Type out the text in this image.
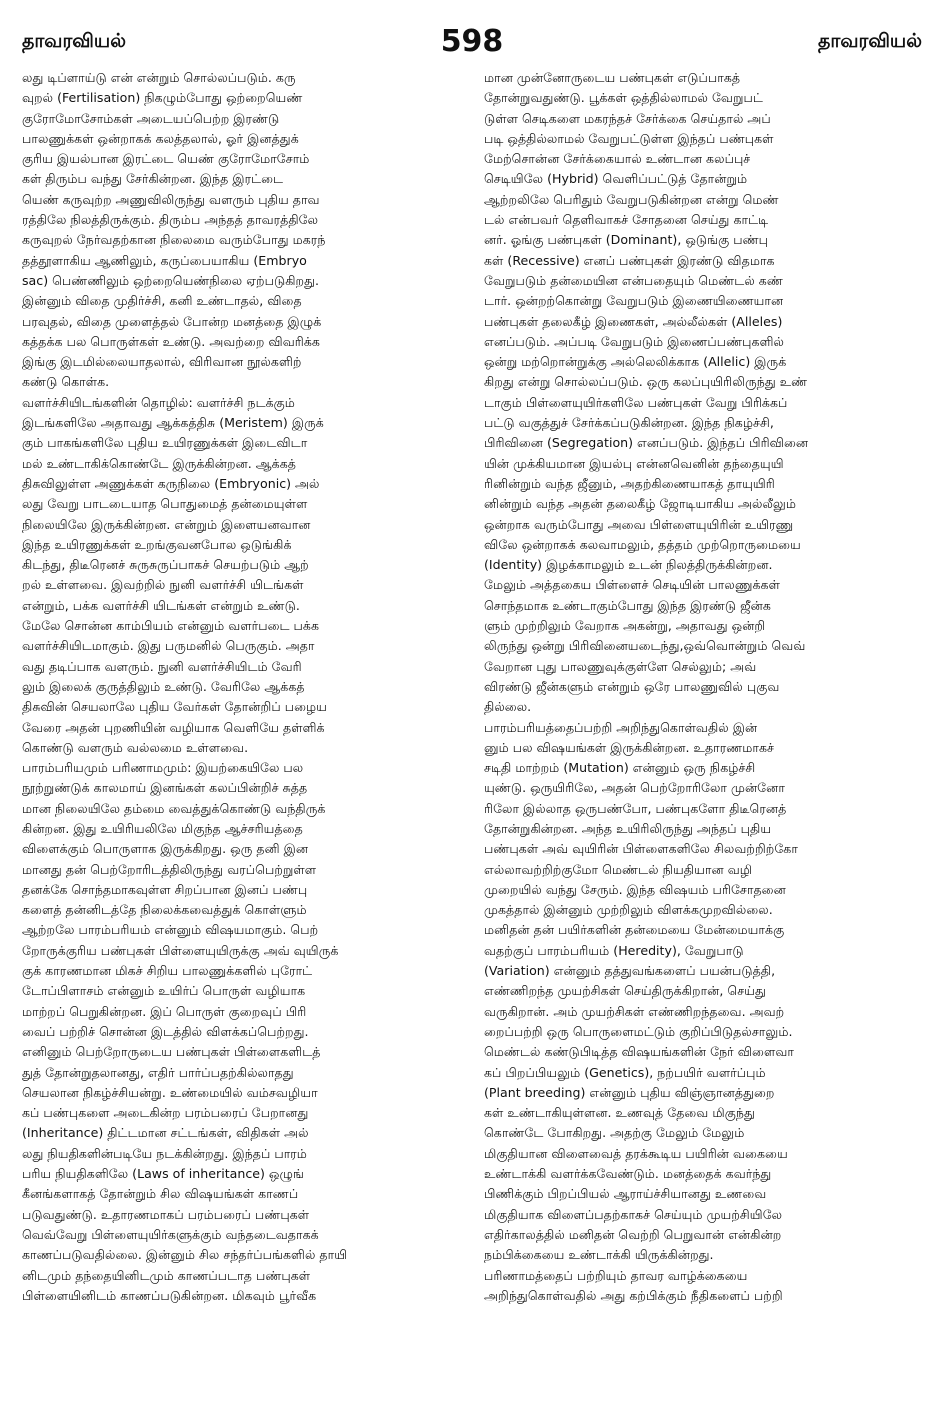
தாவரவியல்	598	தாவரவியல்
லது டிப்ளாய்டு என் என்றும் சொல்லப்படும். கரு
வுறல் (Fertilisation) நிகழும்போது ஒற்றையெண்
குரோமோசோம்கள் அடையப்பெற்ற இரண்டு
பாலணுக்கள் ஒன்றாகக் கலத்தலால், ஓர் இனத்துக்
குரிய இயல்பான இரட்டை யெண் குரோமோசோம்
கள் திரும்ப வந்து சேர்கின்றன. இந்த இரட்டை
யெண் கருவுற்ற அணுவிலிருந்து வளரும் புதிய தாவ
ரத்திலே நிலத்திருக்கும். திரும்ப அந்தத் தாவரத்திலே
கருவுறல் நேர்வதற்கான நிலைமை வரும்போது மகரந்
தத்தூளாகிய ஆணிலும், கருப்பையாகிய (Embryo
sac) பெண்ணிலும் ஒற்றையெண்நிலை ஏற்படுகிறது.
இன்னும் விதை முதிர்ச்சி, கனி உண்டாதல், விதை
பரவுதல், விதை முளைத்தல் போன்ற மனத்தை இழுக்
கத்தக்க பல பொருள்கள் உண்டு. அவற்றை விவரிக்க
இங்கு இடமில்லையாதலால், விரிவான நூல்களிற்
கண்டு கொள்க.
வளர்ச்சியிடங்களின் தொழில்: வளர்ச்சி நடக்கும்
இடங்களிலே அதாவது ஆக்கத்திசு (Meristem) இருக்
கும் பாகங்களிலே புதிய உயிரணுக்கள் இடைவிடா
மல் உண்டாகிக்கொண்டே இருக்கின்றன. ஆக்கத்
திசுவிலுள்ள அணுக்கள் கருநிலை (Embryonic) அல்
லது வேறு பாடடையாத பொதுமைத் தன்மையுள்ள
நிலையிலே இருக்கின்றன. என்றும் இளையனவான
இந்த உயிரணுக்கள் உறங்குவனபோல ஒடுங்கிக்
கிடந்து, திடீரெனச் சுருசுருப்பாகச் செயற்படும் ஆற்
றல் உள்ளவை. இவற்றில் நுனி வளர்ச்சி யிடங்கள்
என்றும், பக்க வளர்ச்சி யிடங்கள் என்றும் உண்டு.
மேலே சொன்ன காம்பியம் என்னும் வளர்படை பக்க
வளர்ச்சியிடமாகும். இது பருமனில் பெருகும். அதா
வது தடிப்பாக வளரும். நுனி வளர்ச்சியிடம் வேரி
லும் இலைக் குருத்திலும் உண்டு. வேரிலே ஆக்கத்
திசுவின் செயலாலே புதிய வேர்கள் தோன்றிப் பழைய
வேரை அதன் புறணியின் வழியாக வெளியே தள்ளிக்
கொண்டு வளரும் வல்லமை உள்ளவை.
பாரம்பரியமும் பரிணாமமும்: இயற்கையிலே பல
நூற்றுண்டுக் காலமாய் இனங்கள் கலப்பின்றிச் சுத்த
மான நிலையிலே தம்மை வைத்துக்கொண்டு வந்திருக்
கின்றன. இது உயிரியலிலே மிகுந்த ஆச்சரியத்தை
விளைக்கும் பொருளாக இருக்கிறது. ஒரு தனி இன
மானது தன் பெற்றோரிடத்திலிருந்து வரப்பெற்றுள்ள
தனக்கே சொந்தமாகவுள்ள சிறப்பான இனப் பண்பு
களைத் தன்னிடத்தே நிலைக்கவைத்துக் கொள்ளும்
ஆற்றலே பாரம்பரியம் என்னும் விஷயமாகும். பெற்
றோருக்குரிய பண்புகள் பிள்ளையுயிருக்கு அவ் வுயிருக்
குக் காரணமான மிகச் சிறிய பாலணுக்களில் புரோட்
டோப்பிளாசம் என்னும் உயிர்ப் பொருள் வழியாக
மாற்றப் பெறுகின்றன. இப் பொருள் குறைவுப் பிரி
வைப் பற்றிச் சொன்ன இடத்தில் விளக்கப்பெற்றது.
எனினும் பெற்றோருடைய பண்புகள் பிள்ளைகளிடத்
துத் தோன்றுதலானது, எதிர் பார்ப்பதற்கில்லாதது
செயலான நிகழ்ச்சியன்று. உண்மையில் வம்சவழியா
கப் பண்புகளை அடைகின்ற பரம்பரைப் பேறானது
(Inheritance) திட்டமான சட்டங்கள், விதிகள் அல்
லது நியதிகளின்படியே நடக்கின்றது. இந்தப் பாரம்
பரிய நியதிகளிலே (Laws of inheritance) ஒழுங்
கீனங்களாகத் தோன்றும் சில விஷயங்கள் காணப்
படுவதுண்டு. உதாரணமாகப் பரம்பரைப் பண்புகள்
வெவ்வேறு பிள்ளையுயிர்களுக்கும் வந்தடைவதாகக்
காணப்படுவதில்லை. இன்னும் சில சந்தர்ப்பங்களில் தாயி
னிடமும் தந்தையினிடமும் காணப்படாத பண்புகள்
பிள்ளையினிடம் காணப்படுகின்றன. மிகவும் பூர்வீக
மான முன்னோருடைய பண்புகள் எடுப்பாகத்
தோன்றுவதுண்டு. பூக்கள் ஒத்தில்லாமல் வேறுபட்
டுள்ள செடிகளை மகரந்தச் சேர்க்கை செய்தால் அப்
படி ஒத்தில்லாமல் வேறுபட்டுள்ள இந்தப் பண்புகள்
மேற்சொன்ன சேர்க்கையால் உண்டான கலப்புச்
செடியிலே (Hybrid) வெளிப்பட்டுத் தோன்றும்
ஆற்றலிலே பெரிதும் வேறுபடுகின்றன என்று மெண்
டல் என்பவர் தெளிவாகச் சோதனை செய்து காட்டி
னர். ஓங்கு பண்புகள் (Dominant), ஒடுங்கு பண்பு
கள் (Recessive) எனப் பண்புகள் இரண்டு விதமாக
வேறுபடும் தன்மையின என்பதையும் மெண்டல் கண்
டார். ஒன்றற்கொன்று வேறுபடும் இணையிணையான
பண்புகள் தலைகீழ் இணைகள், அல்லீல்கள் (Alleles)
எனப்படும். அப்படி வேறுபடும் இணைப்பண்புகளில்
ஒன்று மற்றொன்றுக்கு அல்லெலிக்காக (Allelic) இருக்
கிறது என்று சொல்லப்படும். ஒரு கலப்புயிரிலிருந்து உண்
டாகும் பிள்ளையுயிர்களிலே பண்புகள் வேறு பிரிக்கப்
பட்டு வகுத்துச் சேர்க்கப்படுகின்றன. இந்த நிகழ்ச்சி,
பிரிவினை (Segregation) எனப்படும். இந்தப் பிரிவினை
யின் முக்கியமான இயல்பு என்னவெனின் தந்தையுயி
ரினின்றும் வந்த ஜீனும், அதற்கிணையாகத் தாயுயிரி
னின்றும் வந்த அதன் தலைகீழ் ஜோடியாகிய அல்லீலும்
ஒன்றாக வரும்போது அவை பிள்ளையுயிரின் உயிரணு
விலே ஒன்றாகக் கலவாமலும், தத்தம் முற்றொருமையை
(Identity) இழக்காமலும் உடன் நிலத்திருக்கின்றன.
மேலும் அத்தகைய பிள்ளைச் செடியின் பாலணுக்கள்
சொந்தமாக உண்டாகும்போது இந்த இரண்டு ஜீன்க
ளும் முற்றிலும் வேறாக அகன்று, அதாவது ஒன்றி
லிருந்து ஒன்று பிரிவினையடைந்து,ஒவ்வொன்றும் வெவ்
வேறான புது பாலணுவுக்குள்ளே செல்லும்; அவ்
விரண்டு ஜீன்களும் என்றும் ஒரே பாலணுவில் புகுவ
தில்லை.
பாரம்பரியத்தைப்பற்றி அறிந்துகொள்வதில் இன்
னும் பல விஷயங்கள் இருக்கின்றன. உதாரணமாகச்
சடிதி மாற்றம் (Mutation) என்னும் ஒரு நிகழ்ச்சி
யுண்டு. ஒருயிரிலே, அதன் பெற்றோரிலோ முன்னோ
ரிலோ இல்லாத ஒருபண்போ, பண்புகளோ திடீரெனத்
தோன்றுகின்றன. அந்த உயிரிலிருந்து அந்தப் புதிய
பண்புகள் அவ் வுயிரின் பிள்ளைகளிலே சிலவற்றிற்கோ
எல்லாவற்றிற்குமோ மெண்டல் நியதியான வழி
முறையில் வந்து சேரும். இந்த விஷயம் பரிசோதனை
முகத்தால் இன்னும் முற்றிலும் விளக்கமுறவில்லை.
மனிதன் தன் பயிர்களின் தன்மையை மேன்மையாக்கு
வதற்குப் பாரம்பரியம் (Heredity), வேறுபாடு
(Variation) என்னும் தத்துவங்களைப் பயன்படுத்தி,
எண்ணிறந்த முயற்சிகள் செய்திருக்கிறான், செய்து
வருகிறான். அம் முயற்சிகள் எண்ணிறந்தவை. அவற்
றைப்பற்றி ஒரு பொருளைமட்டும் குறிப்பிடுதல்சாலும்.
மெண்டல் கண்டுபிடித்த விஷயங்களின் நேர் விளைவா
கப் பிறப்பியலும் (Genetics), நற்பயிர் வளர்ப்பும்
(Plant breeding) என்னும் புதிய விஞ்ஞானத்துறை
கள் உண்டாகியுள்ளன. உணவுத் தேவை மிகுந்து
கொண்டே போகிறது. அதற்கு மேலும் மேலும்
மிகுதியான விளைவைத் தரக்கூடிய பயிரின் வகையை
உண்டாக்கி வளர்க்கவேண்டும். மனத்தைக் கவர்ந்து
பிணிக்கும் பிறப்பியல் ஆராய்ச்சியானது உணவை
மிகுதியாக விளைப்பதற்காகச் செய்யும் முயற்சியிலே
எதிர்காலத்தில் மனிதன் வெற்றி பெறுவான் என்கின்ற
நம்பிக்கையை உண்டாக்கி யிருக்கின்றது.
பரிணாமத்தைப் பற்றியும் தாவர வாழ்க்கையை
அறிந்துகொள்வதில் அது கற்பிக்கும் நீதிகளைப் பற்றி
